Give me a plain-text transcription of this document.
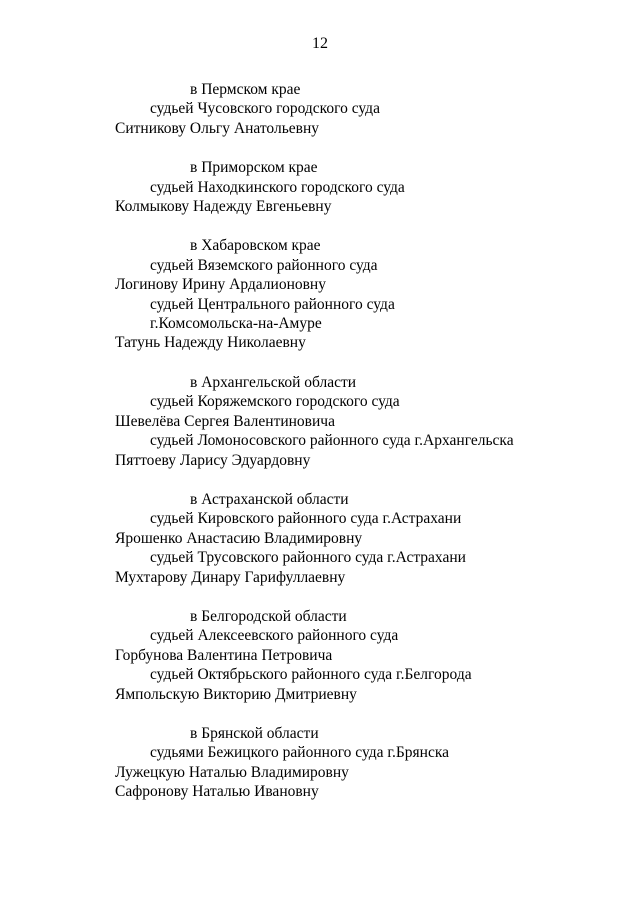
12
в Пермском крае
судьей Чусовского городского суда
Ситникову Ольгу Анатольевну
в Приморском крае
судьей Находкинского городского суда
Колмыкову Надежду Евгеньевну
в Хабаровском крае
судьей Вяземского районного суда
Логинову Ирину Ардалионовну
судьей Центрального районного суда
г.Комсомольска-на-Амуре
Татунь Надежду Николаевну
в Архангельской области
судьей Коряжемского городского суда
Шевелёва Сергея Валентиновича
судьей Ломоносовского районного суда г.Архангельска
Пяттоеву Ларису Эдуардовну
в Астраханской области
судьей Кировского районного суда г.Астрахани
Ярошенко Анастасию Владимировну
судьей Трусовского районного суда г.Астрахани
Мухтарову Динару Гарифуллаевну
в Белгородской области
судьей Алексеевского районного суда
Горбунова Валентина Петровича
судьей Октябрьского районного суда г.Белгорода
Ямпольскую Викторию Дмитриевну
в Брянской области
судьями Бежицкого районного суда г.Брянска
Лужецкую Наталью Владимировну
Сафронову Наталью Ивановну
